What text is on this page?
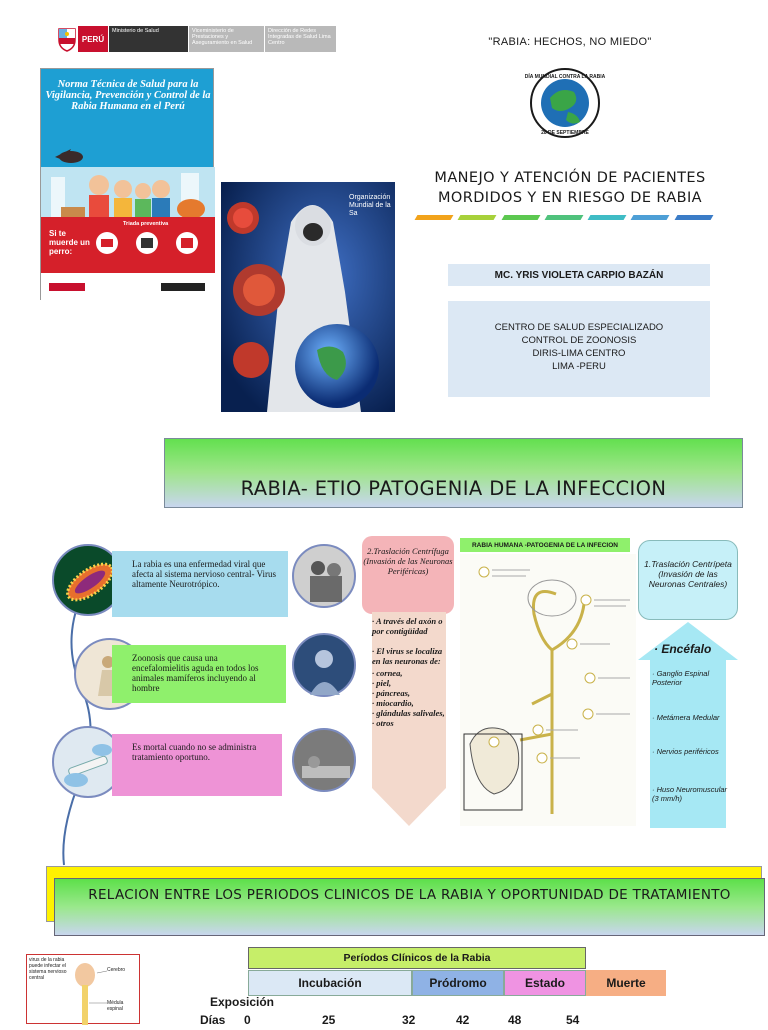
PERÚ
Ministerio de Salud	Viceministerio de Prestaciones y Aseguramiento en Salud
Dirección de Redes Integradas de Salud Lima Centro	"RABIA: HECHOS, NO MIEDO"
Norma Técnica de Salud para la Vigilancia, Prevención y Control de la Rabia Humana en el Perú
Si te muerde un perro:
Triada preventiva
Organización Mundial de la Sa
DÍA MUNDIAL CONTRA LA RABIA
28 DE SEPTIEMBRE
MANEJO Y ATENCIÓN DE PACIENTES
MORDIDOS Y EN RIESGO DE RABIA
MC. YRIS VIOLETA CARPIO BAZÁN
CENTRO DE SALUD ESPECIALIZADO
CONTROL DE ZOONOSIS
DIRIS-LIMA CENTRO
LIMA -PERU
RABIA- ETIO PATOGENIA DE LA INFECCION
La rabia es una enfermedad viral que afecta al sistema nervioso central- Virus altamente Neurotrópico.
Zoonosis que causa una encefalomielitis aguda en todos los animales mamíferos incluyendo al hombre
Es mortal cuando no se administra tratamiento oportuno.
2.Traslación Centrífuga (Invasión de las Neuronas Periféricas)
· A través del axón o por contigüidad
· El virus se localiza en las neuronas de:
· cornea,
· piel,
· páncreas,
· miocardio,
· glándulas salivales,
· otros
RABIA HUMANA -PATOGENIA DE LA INFECION
1.Traslación Centrípeta (Invasión de las Neuronas Centrales)
· Encéfalo
· Ganglio Espinal Posterior
· Metámera Medular
· Nervios periféricos
· Huso Neuromuscular (3 mm/h)
RELACION ENTRE LOS PERIODOS CLINICOS DE LA RABIA Y OPORTUNIDAD DE TRATAMIENTO
virus de la rabia puede infectar el sistema nervioso central
Cerebro
Médula espinal
Períodos Clínicos de la Rabia
Incubación	Pródromo	Estado	Muerte
Exposición
Días 0	25	32	42	48	54
